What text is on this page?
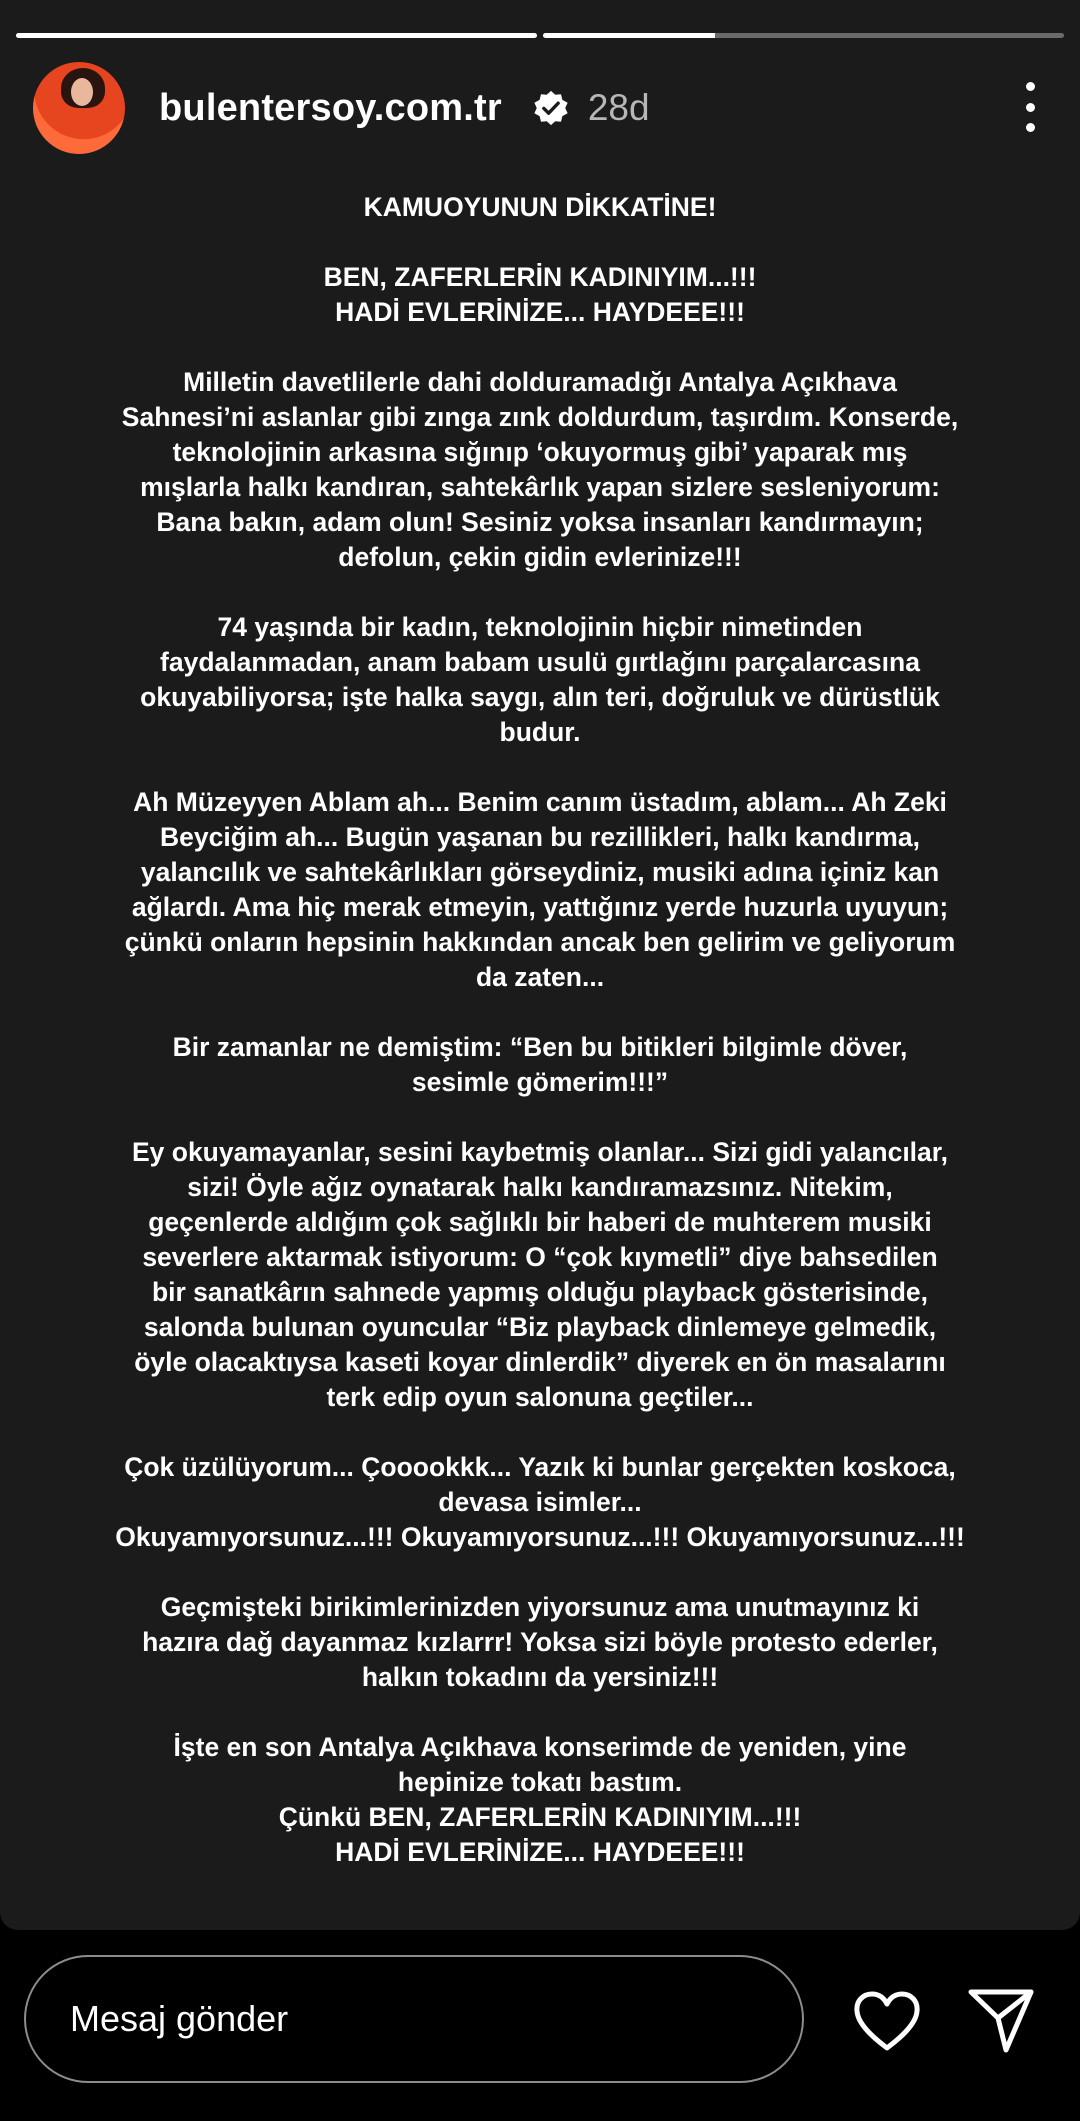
bulentersoy.com.tr 28d

KAMUOYUNUN DİKKATİNE!

BEN, ZAFERLERİN KADINIYIM...!!!
HADİ EVLERİNİZE... HAYDEEE!!!

Milletin davetlilerle dahi dolduramadığı Antalya Açıkhava
Sahnesi’ni aslanlar gibi zınga zınk doldurdum, taşırdım. Konserde,
teknolojinin arkasına sığınıp ‘okuyormuş gibi’ yaparak mış
mışlarla halkı kandıran, sahtekârlık yapan sizlere sesleniyorum:
Bana bakın, adam olun! Sesiniz yoksa insanları kandırmayın;
defolun, çekin gidin evlerinize!!!

74 yaşında bir kadın, teknolojinin hiçbir nimetinden
faydalanmadan, anam babam usulü gırtlağını parçalarcasına
okuyabiliyorsa; işte halka saygı, alın teri, doğruluk ve dürüstlük
budur.

Ah Müzeyyen Ablam ah... Benim canım üstadım, ablam... Ah Zeki
Beyciğim ah... Bugün yaşanan bu rezillikleri, halkı kandırma,
yalancılık ve sahtekârlıkları görseydiniz, musiki adına içiniz kan
ağlardı. Ama hiç merak etmeyin, yattığınız yerde huzurla uyuyun;
çünkü onların hepsinin hakkından ancak ben gelirim ve geliyorum
da zaten...

Bir zamanlar ne demiştim: “Ben bu bitikleri bilgimle döver,
sesimle gömerim!!!”

Ey okuyamayanlar, sesini kaybetmiş olanlar... Sizi gidi yalancılar,
sizi! Öyle ağız oynatarak halkı kandıramazsınız. Nitekim,
geçenlerde aldığım çok sağlıklı bir haberi de muhterem musiki
severlere aktarmak istiyorum: O “çok kıymetli” diye bahsedilen
bir sanatkârın sahnede yapmış olduğu playback gösterisinde,
salonda bulunan oyuncular “Biz playback dinlemeye gelmedik,
öyle olacaktıysa kaseti koyar dinlerdik” diyerek en ön masalarını
terk edip oyun salonuna geçtiler...

Çok üzülüyorum... Çooookkk... Yazık ki bunlar gerçekten koskoca,
devasa isimler...
Okuyamıyorsunuz...!!! Okuyamıyorsunuz...!!! Okuyamıyorsunuz...!!!

Geçmişteki birikimlerinizden yiyorsunuz ama unutmayınız ki
hazıra dağ dayanmaz kızlarrr! Yoksa sizi böyle protesto ederler,
halkın tokadını da yersiniz!!!

İşte en son Antalya Açıkhava konserimde de yeniden, yine
hepinize tokatı bastım.
Çünkü BEN, ZAFERLERİN KADINIYIM...!!!
HADİ EVLERİNİZE... HAYDEEE!!!

Mesaj gönder
